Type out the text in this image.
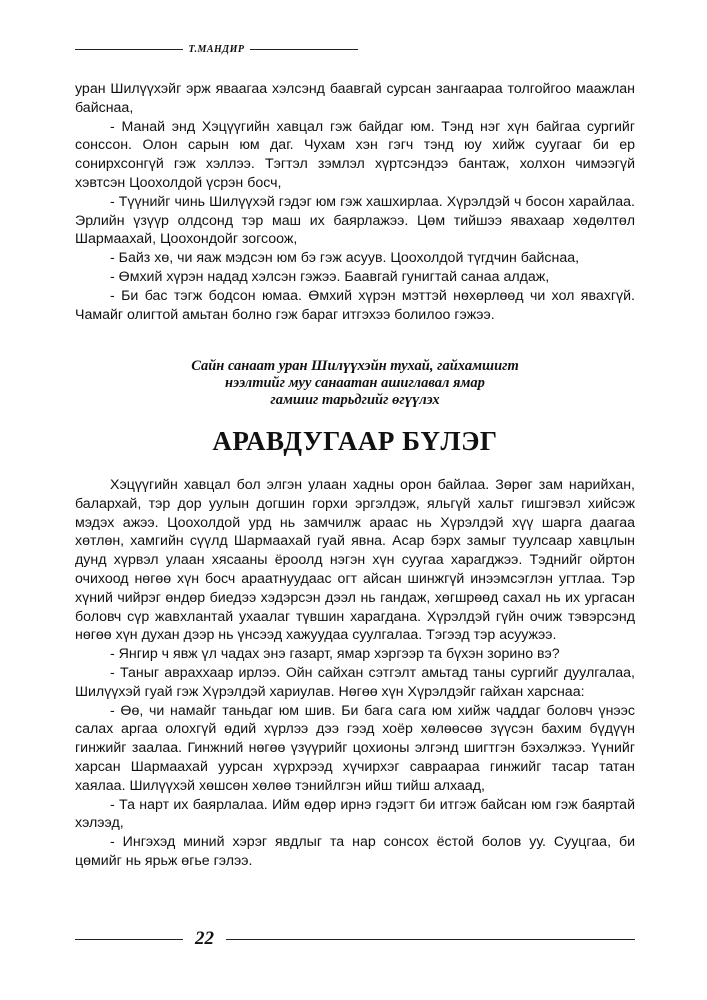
Т.МАНДИР

уран Шилүүхэйг эрж яваагаа хэлсэнд баавгай сурсан зангаараа толгойгоо маажлан байснаа,

- Манай энд Хэцүүгийн хавцал гэж байдаг юм. Тэнд нэг хүн байгаа сургийг сонссон. Олон сарын юм даг. Чухам хэн гэгч тэнд юу хийж суугааг би ер сонирхсонгүй гэж хэллээ. Тэгтэл зэмлэл хүртсэндээ бантаж, холхон чимээгүй хэвтсэн Цоохолдой үсрэн босч,

- Түүнийг чинь Шилүүхэй гэдэг юм гэж хашхирлаа. Хүрэлдэй ч босон харайлаа. Эрлийн үзүүр олдсонд тэр маш их баярлажээ. Цөм тийшээ явахаар хөдөлтөл Шармаахай, Цоохондойг зогсоож,

- Байз хө, чи яаж мэдсэн юм бэ гэж асуув. Цоохолдой түгдчин байснаа,

- Өмхий хүрэн надад хэлсэн гэжээ. Баавгай гунигтай санаа алдаж,

- Би бас тэгж бодсон юмаа. Өмхий хүрэн мэттэй нөхөрлөөд чи хол явахгүй. Чамайг олигтой амьтан болно гэж бараг итгэхээ болилоо гэжээ.

Сайн санаат уран Шилүүхэйн тухай, гайхамшигт
нээлтийг муу санаатан ашиглавал ямар
гамшиг тарьдгийг өгүүлэх
АРАВДУГААР БҮЛЭГ

Хэцүүгийн хавцал бол элгэн улаан хадны орон байлаа. Зөрөг зам нарийхан, балархай, тэр дор уулын догшин горхи эргэлдэж, яльгүй хальт гишгэвэл хийсэж мэдэх ажээ. Цоохолдой урд нь замчилж араас нь Хүрэлдэй хүү шарга даагаа хөтлөн, хамгийн сүүлд Шармаахай гуай явна. Асар бэрх замыг туулсаар хавцлын дунд хүрвэл улаан хясааны ёроолд нэгэн хүн суугаа харагджээ. Тэднийг ойртон очихоод нөгөө хүн босч араатнуудаас огт айсан шинжгүй инээмсэглэн угтлаа. Тэр хүний чийрэг өндөр биедээ хэдэрсэн дээл нь гандаж, хөгшрөөд сахал нь их ургасан боловч сүр жавхлантай ухаалаг түвшин харагдана. Хүрэлдэй гүйн очиж тэвэрсэнд нөгөө хүн духан дээр нь үнсээд хажуудаа суулгалаа. Тэгээд тэр асуужээ.

- Янгир ч явж үл чадах энэ газарт, ямар хэргээр та бүхэн зорино вэ?

- Таныг авраххаар ирлээ. Ойн сайхан сэтгэлт амьтад таны сургийг дуулгалаа, Шилүүхэй гуай гэж Хүрэлдэй хариулав. Нөгөө хүн Хүрэлдэйг гайхан харснаа:

- Өө, чи намайг таньдаг юм шив. Би бага сага юм хийж чаддаг боловч үнээс салах аргаа олохгүй өдий хүрлээ дээ гээд хоёр хөлөөсөө зүүсэн бахим бүдүүн гинжийг заалаа. Гинжний нөгөө үзүүрийг цохионы элгэнд шигтгэн бэхэлжээ. Үүнийг харсан Шармаахай уурсан хүрхрээд хүчирхэг савраараа гинжийг тасар татан хаялаа. Шилүүхэй хөшсөн хөлөө тэнийлгэн ийш тийш алхаад,

- Та нарт их баярлалаа. Ийм өдөр ирнэ гэдэгт би итгэж байсан юм гэж баяртай хэлээд,

- Ингэхэд миний хэрэг явдлыг та нар сонсох ёстой болов уу. Сууцгаа, би цөмийг нь ярьж өгье гэлээ.

22
